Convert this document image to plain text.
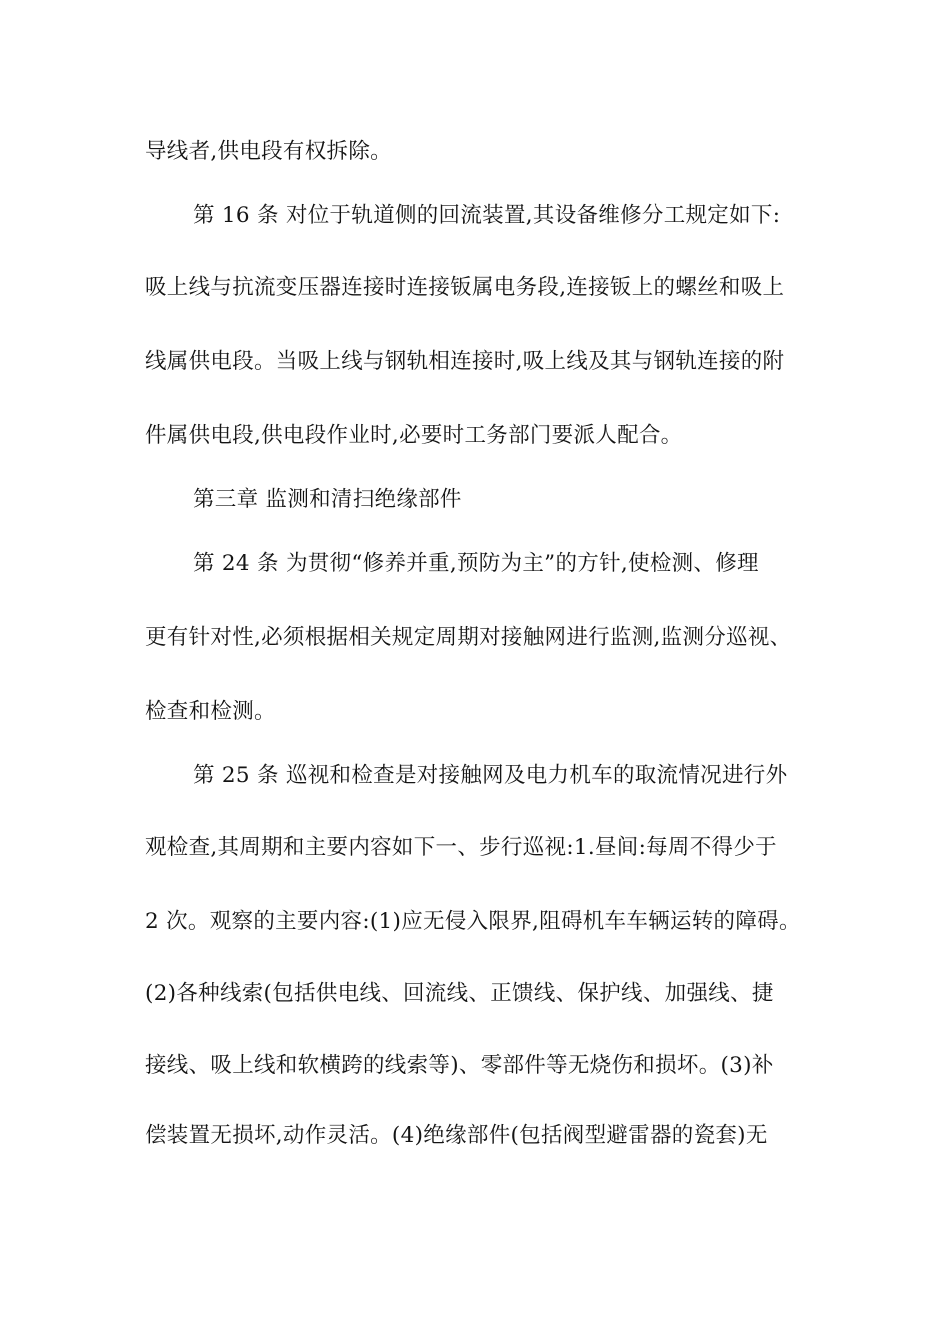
导线者,供电段有权拆除。
第 16 条 对位于轨道侧的回流装置,其设备维修分工规定如下:
吸上线与抗流变压器连接时连接钣属电务段,连接钣上的螺丝和吸上
线属供电段。当吸上线与钢轨相连接时,吸上线及其与钢轨连接的附
件属供电段,供电段作业时,必要时工务部门要派人配合。
第三章 监测和清扫绝缘部件
第 24 条 为贯彻“修养并重,预防为主”的方针,使检测、修理
更有针对性,必须根据相关规定周期对接触网进行监测,监测分巡视、
检查和检测。
第 25 条 巡视和检查是对接触网及电力机车的取流情况进行外
观检查,其周期和主要内容如下一、步行巡视:1.昼间:每周不得少于
2 次。观察的主要内容:(1)应无侵入限界,阻碍机车车辆运转的障碍。
(2)各种线索(包括供电线、回流线、正馈线、保护线、加强线、捷
接线、吸上线和软横跨的线索等)、零部件等无烧伤和损坏。(3)补
偿装置无损坏,动作灵活。(4)绝缘部件(包括阀型避雷器的瓷套)无
